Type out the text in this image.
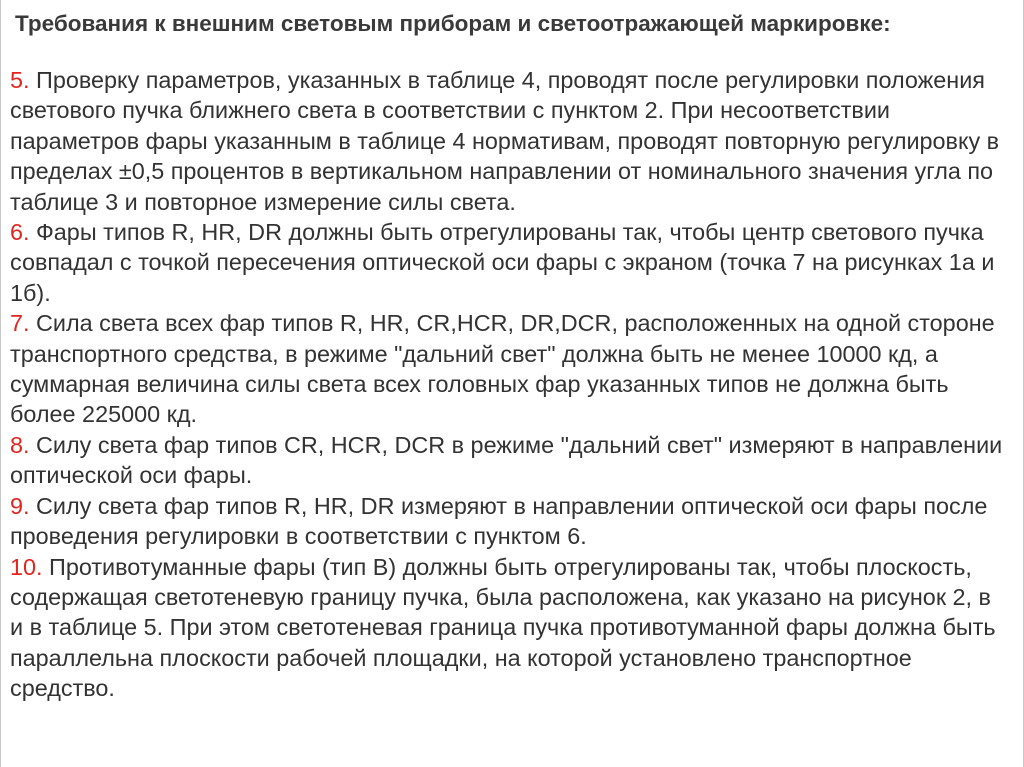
Требования к внешним световым приборам и светоотражающей маркировке:

5. Проверку параметров, указанных в таблице 4, проводят после регулировки положения светового пучка ближнего света в соответствии с пунктом 2. При несоответствии параметров фары указанным в таблице 4 нормативам, проводят повторную регулировку в пределах ±0,5 процентов в вертикальном направлении от номинального значения угла по таблице 3 и повторное измерение силы света.

6. Фары типов R, HR, DR должны быть отрегулированы так, чтобы центр светового пучка совпадал с точкой пересечения оптической оси фары с экраном (точка 7 на рисунках 1а и 1б).

7. Сила света всех фар типов R, HR, CR,HCR, DR,DCR, расположенных на одной стороне транспортного средства, в режиме "дальний свет" должна быть не менее 10000 кд, а суммарная величина силы света всех головных фар указанных типов не должна быть более 225000 кд.

8. Силу света фар типов CR, HCR, DCR в режиме "дальний свет" измеряют в направлении оптической оси фары.

9. Силу света фар типов R, HR, DR измеряют в направлении оптической оси фары после проведения регулировки в соответствии с пунктом 6.

10. Противотуманные фары (тип B) должны быть отрегулированы так, чтобы плоскость, содержащая светотеневую границу пучка, была расположена, как указано на рисунок 2, в и в таблице 5. При этом светотеневая граница пучка противотуманной фары должна быть параллельна плоскости рабочей площадки, на которой установлено транспортное средство.
